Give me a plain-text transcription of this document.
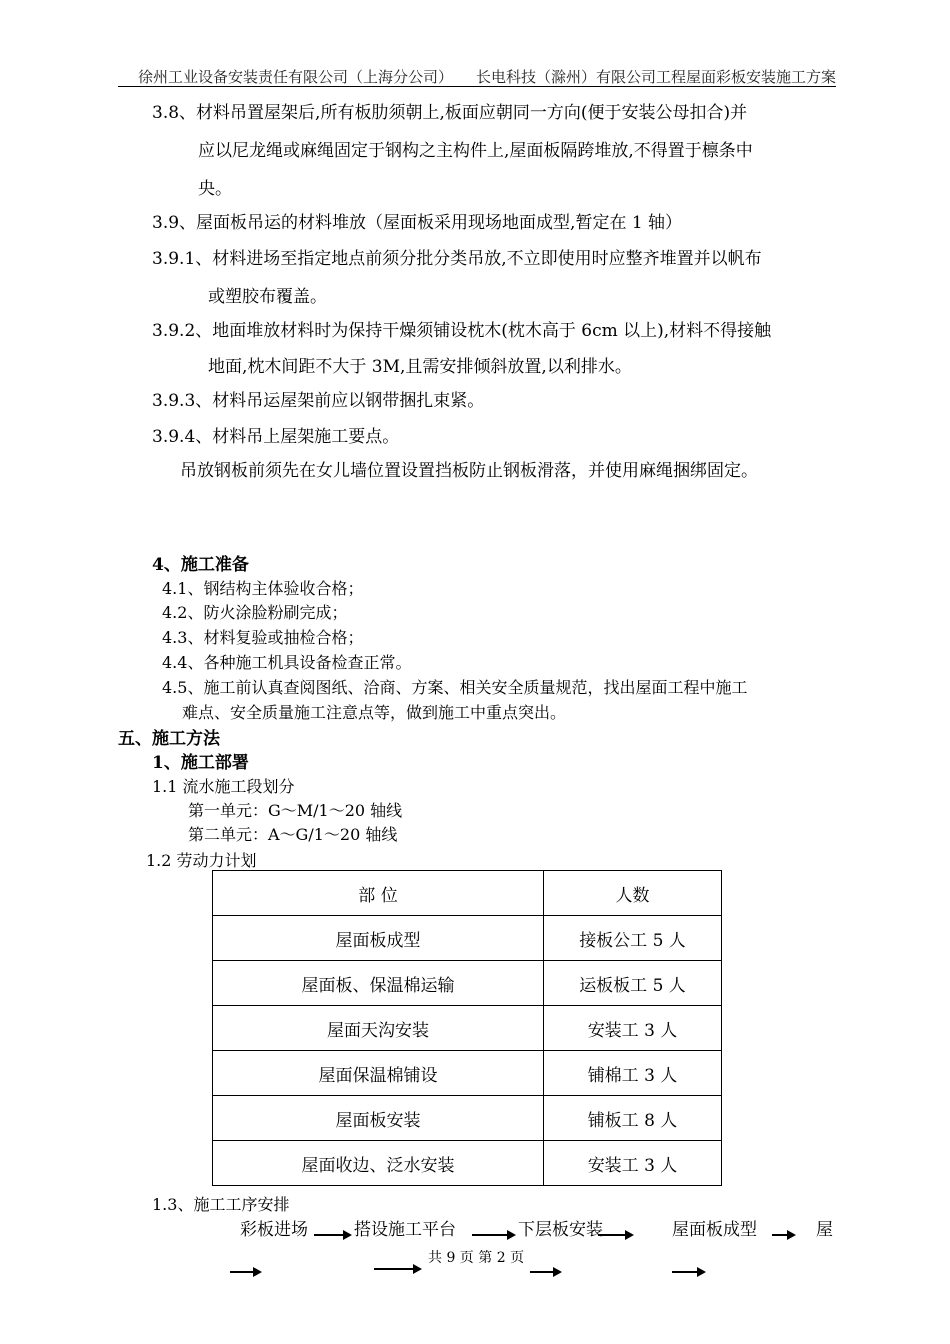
徐州工业设备安装责任有限公司（上海分公司） 长电科技（滁州）有限公司工程屋面彩板安装施工方案
3.8、材料吊置屋架后,所有板肋须朝上,板面应朝同一方向(便于安装公母扣合)并
应以尼龙绳或麻绳固定于钢构之主构件上,屋面板隔跨堆放,不得置于檩条中
央。
3.9、屋面板吊运的材料堆放（屋面板采用现场地面成型,暂定在 1 轴）
3.9.1、材料进场至指定地点前须分批分类吊放,不立即使用时应整齐堆置并以帆布
或塑胶布覆盖。
3.9.2、地面堆放材料时为保持干燥须铺设枕木(枕木高于 6cm 以上),材料不得接触
地面,枕木间距不大于 3M,且需安排倾斜放置,以利排水。
3.9.3、材料吊运屋架前应以钢带捆扎束紧。
3.9.4、材料吊上屋架施工要点。
吊放钢板前须先在女儿墙位置设置挡板防止钢板滑落，并使用麻绳捆绑固定。
4、施工准备
4.1、钢结构主体验收合格；
4.2、防火涂脸粉刷完成；
4.3、材料复验或抽检合格；
4.4、各种施工机具设备检查正常。
4.5、施工前认真查阅图纸、洽商、方案、相关安全质量规范，找出屋面工程中施工
难点、安全质量施工注意点等，做到施工中重点突出。
五、施工方法
1、施工部署
1.1 流水施工段划分
第一单元：G～M/1～20 轴线
第二单元：A～G/1～20 轴线
1.2 劳动力计划
部 位	人数
屋面板成型	接板公工 5 人
屋面板、保温棉运输	运板板工 5 人
屋面天沟安装	安装工 3 人
屋面保温棉铺设	铺棉工 3 人
屋面板安装	铺板工 8 人
屋面收边、泛水安装	安装工 3 人
1.3、施工工序安排
彩板进场	搭设施工平台	下层板安装	屋面板成型	屋
共 9 页 第 2 页
